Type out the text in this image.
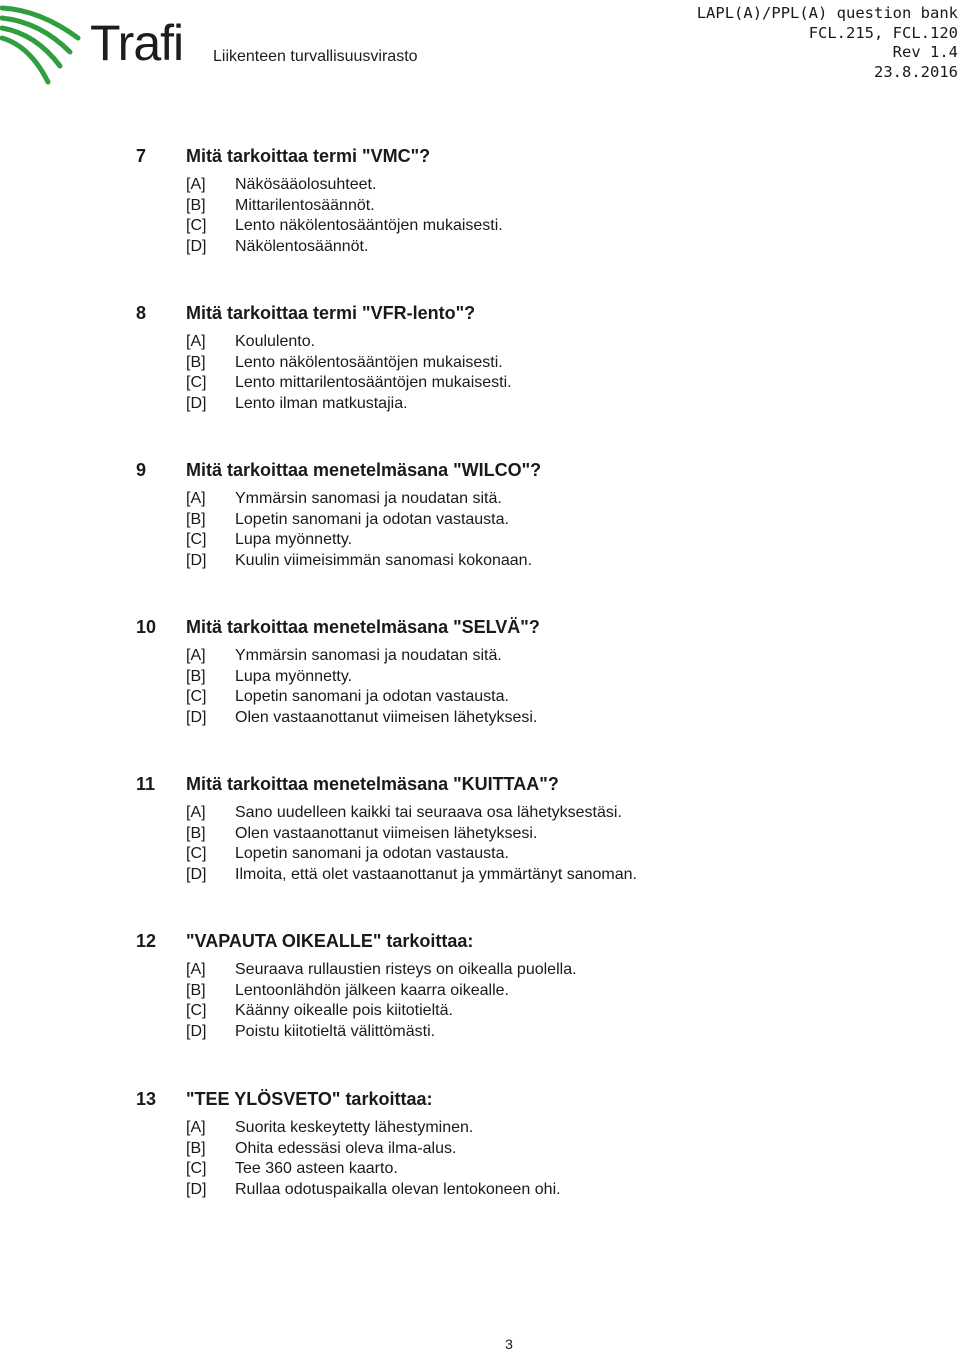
Trafi Liikenteen turvallisuusvirasto
LAPL(A)/PPL(A) question bank
FCL.215, FCL.120
Rev 1.4
23.8.2016
7 Mitä tarkoittaa termi "VMC"?
[A] Näkösääolosuhteet.
[B] Mittarilentosäännöt.
[C] Lento näkölentosääntöjen mukaisesti.
[D] Näkölentosäännöt.
8 Mitä tarkoittaa termi "VFR-lento"?
[A] Koululento.
[B] Lento näkölentosääntöjen mukaisesti.
[C] Lento mittarilentosääntöjen mukaisesti.
[D] Lento ilman matkustajia.
9 Mitä tarkoittaa menetelmäsana "WILCO"?
[A] Ymmärsin sanomasi ja noudatan sitä.
[B] Lopetin sanomani ja odotan vastausta.
[C] Lupa myönnetty.
[D] Kuulin viimeisimmän sanomasi kokonaan.
10 Mitä tarkoittaa menetelmäsana "SELVÄ"?
[A] Ymmärsin sanomasi ja noudatan sitä.
[B] Lupa myönnetty.
[C] Lopetin sanomani ja odotan vastausta.
[D] Olen vastaanottanut viimeisen lähetyksesi.
11 Mitä tarkoittaa menetelmäsana "KUITTAA"?
[A] Sano uudelleen kaikki tai seuraava osa lähetyksestäsi.
[B] Olen vastaanottanut viimeisen lähetyksesi.
[C] Lopetin sanomani ja odotan vastausta.
[D] Ilmoita, että olet vastaanottanut ja ymmärtänyt sanoman.
12 "VAPAUTA OIKEALLE" tarkoittaa:
[A] Seuraava rullaustien risteys on oikealla puolella.
[B] Lentoonlähdön jälkeen kaarra oikealle.
[C] Käänny oikealle pois kiitotieltä.
[D] Poistu kiitotieltä välittömästi.
13 "TEE YLÖSVETO" tarkoittaa:
[A] Suorita keskeytetty lähestyminen.
[B] Ohita edessäsi oleva ilma-alus.
[C] Tee 360 asteen kaarto.
[D] Rullaa odotuspaikalla olevan lentokoneen ohi.
3
